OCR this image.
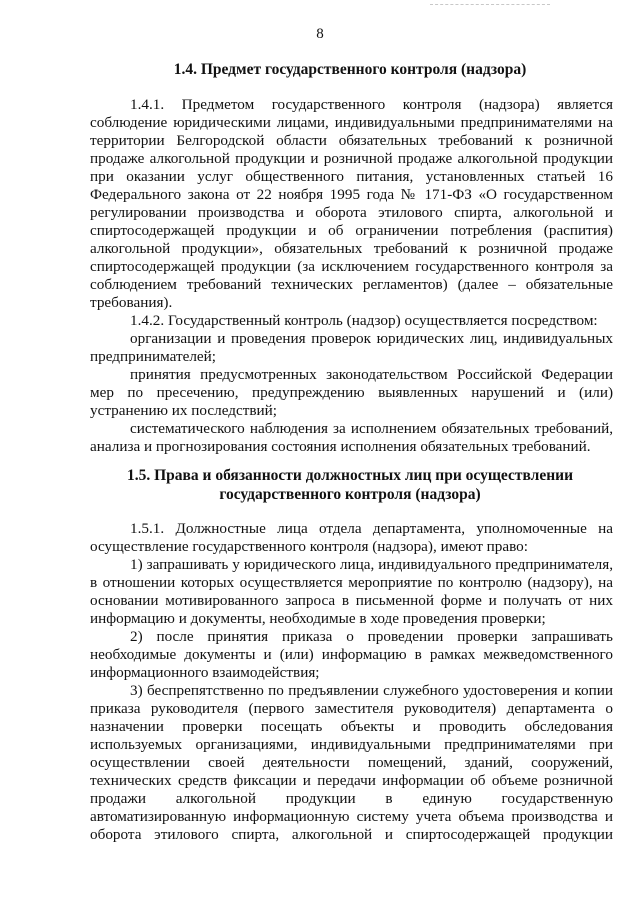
8
1.4. Предмет государственного контроля (надзора)
1.4.1. Предметом государственного контроля (надзора) является
соблюдение юридическими лицами, индивидуальными предпринимателями на
территории Белгородской области обязательных требований к розничной
продаже алкогольной продукции и розничной продаже алкогольной продукции
при оказании услуг общественного питания, установленных статьей 16
Федерального закона от 22 ноября 1995 года № 171-ФЗ «О государственном
регулировании производства и оборота этилового спирта, алкогольной и
спиртосодержащей продукции и об ограничении потребления (распития)
алкогольной продукции», обязательных требований к розничной продаже
спиртосодержащей продукции (за исключением государственного контроля за
соблюдением требований технических регламентов) (далее – обязательные
требования).
1.4.2. Государственный контроль (надзор) осуществляется посредством:
организации и проведения проверок юридических лиц, индивидуальных
предпринимателей;
принятия предусмотренных законодательством Российской Федерации
мер по пресечению, предупреждению выявленных нарушений и (или)
устранению их последствий;
систематического наблюдения за исполнением обязательных требований,
анализа и прогнозирования состояния исполнения обязательных требований.
1.5. Права и обязанности должностных лиц при осуществлении
государственного контроля (надзора)
1.5.1. Должностные лица отдела департамента, уполномоченные на
осуществление государственного контроля (надзора), имеют право:
1) запрашивать у юридического лица, индивидуального предпринимателя,
в отношении которых осуществляется мероприятие по контролю (надзору), на
основании мотивированного запроса в письменной форме и получать от них
информацию и документы, необходимые в ходе проведения проверки;
2) после принятия приказа о проведении проверки запрашивать
необходимые документы и (или) информацию в рамках межведомственного
информационного взаимодействия;
3) беспрепятственно по предъявлении служебного удостоверения и копии
приказа руководителя (первого заместителя руководителя) департамента о
назначении проверки посещать объекты и проводить обследования
используемых организациями, индивидуальными предпринимателями при
осуществлении своей деятельности помещений, зданий, сооружений,
технических средств фиксации и передачи информации об объеме розничной
продажи алкогольной продукции в единую государственную
автоматизированную информационную систему учета объема производства и
оборота этилового спирта, алкогольной и спиртосодержащей продукции
